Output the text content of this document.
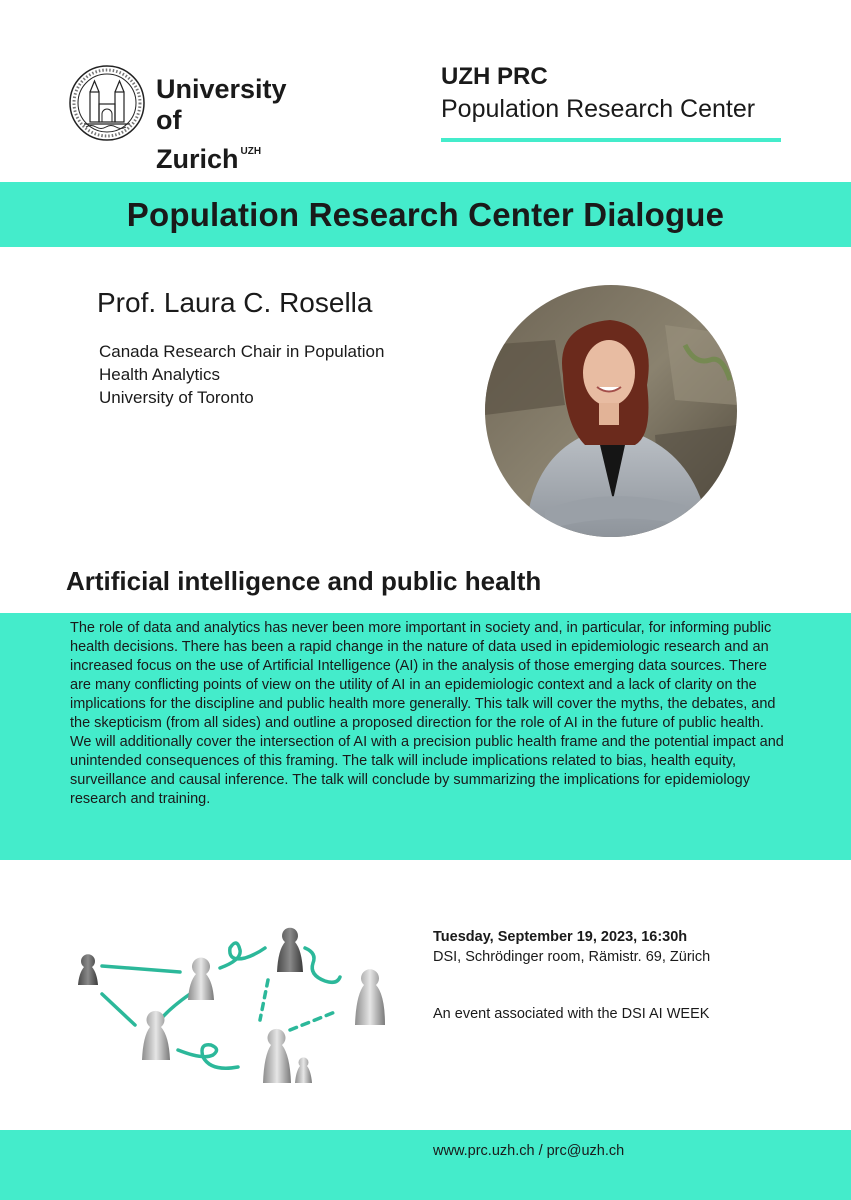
University of
Zurich $^{UZH}$
UZH PRC
Population Research Center
Population Research Center Dialogue
Prof. Laura C. Rosella
Canada Research Chair in Population
Health Analytics
University of Toronto
Artificial intelligence and public health
The role of data and analytics has never been more important in society and, in particular, for informing public health decisions. There has been a rapid change in the nature of data used in epidemiologic research and an increased focus on the use of Artificial Intelligence (AI) in the analysis of those emerging data sources. There are many conflicting points of view on the utility of AI in an epidemiologic context and a lack of clarity on the implications for the discipline and public health more generally. This talk will cover the myths, the debates, and the skepticism (from all sides) and outline a proposed direction for the role of AI in the future of public health. We will additionally cover the intersection of AI with a precision public health frame and the potential impact and unintended consequences of this framing. The talk will include implications related to bias, health equity, surveillance and causal inference. The talk will conclude by summarizing the implications for epidemiology research and training.
Tuesday, September 19, 2023, 16:30h
DSI, Schrödinger room, Rämistr. 69, Zürich
An event associated with the DSI AI WEEK
www.prc.uzh.ch / prc@uzh.ch
